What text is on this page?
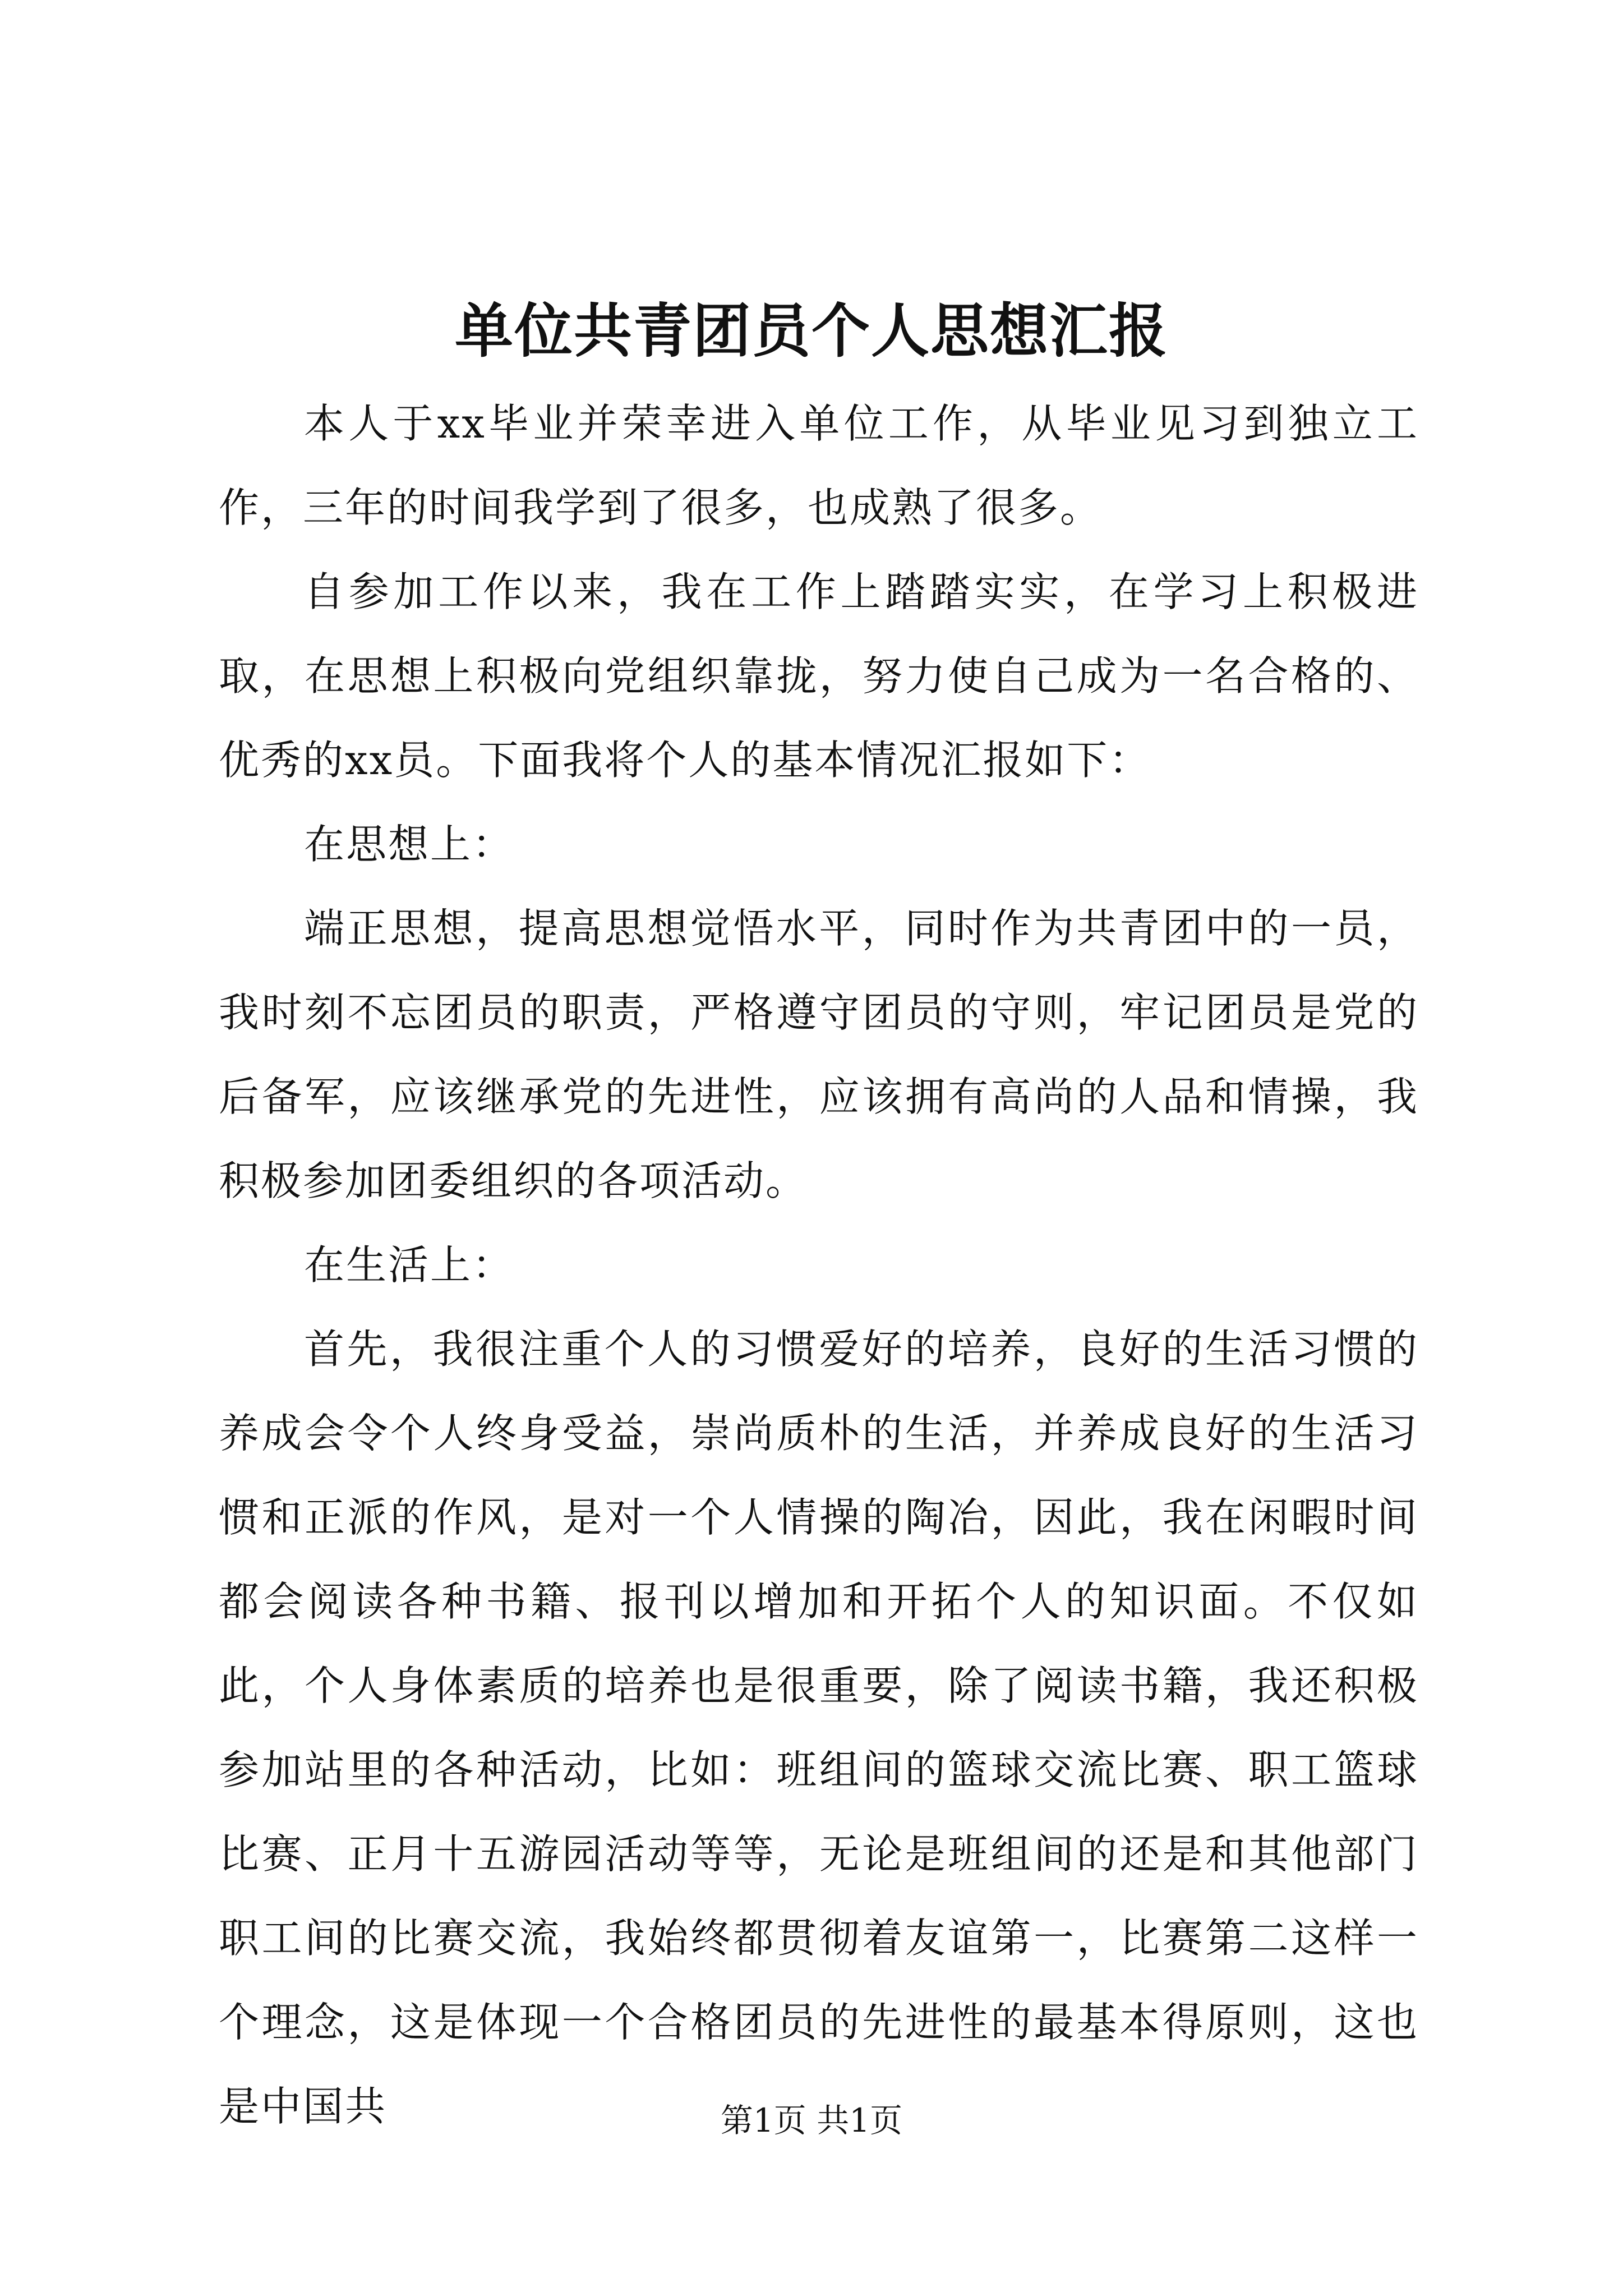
单位共青团员个人思想汇报

本人于xx毕业并荣幸进入单位工作，从毕业见习到独立工作，三年的时间我学到了很多，也成熟了很多。

自参加工作以来，我在工作上踏踏实实，在学习上积极进取，在思想上积极向党组织靠拢，努力使自己成为一名合格的、优秀的xx员。下面我将个人的基本情况汇报如下：

在思想上：

端正思想，提高思想觉悟水平，同时作为共青团中的一员，我时刻不忘团员的职责，严格遵守团员的守则，牢记团员是党的后备军，应该继承党的先进性，应该拥有高尚的人品和情操，我积极参加团委组织的各项活动。

在生活上：

首先，我很注重个人的习惯爱好的培养，良好的生活习惯的养成会令个人终身受益，崇尚质朴的生活，并养成良好的生活习惯和正派的作风，是对一个人情操的陶冶，因此，我在闲暇时间都会阅读各种书籍、报刊以增加和开拓个人的知识面。不仅如此，个人身体素质的培养也是很重要，除了阅读书籍，我还积极参加站里的各种活动，比如：班组间的篮球交流比赛、职工篮球比赛、正月十五游园活动等等，无论是班组间的还是和其他部门职工间的比赛交流，我始终都贯彻着友谊第一，比赛第二这样一个理念，这是体现一个合格团员的先进性的最基本得原则，这也是中国共	第1页 共1页
